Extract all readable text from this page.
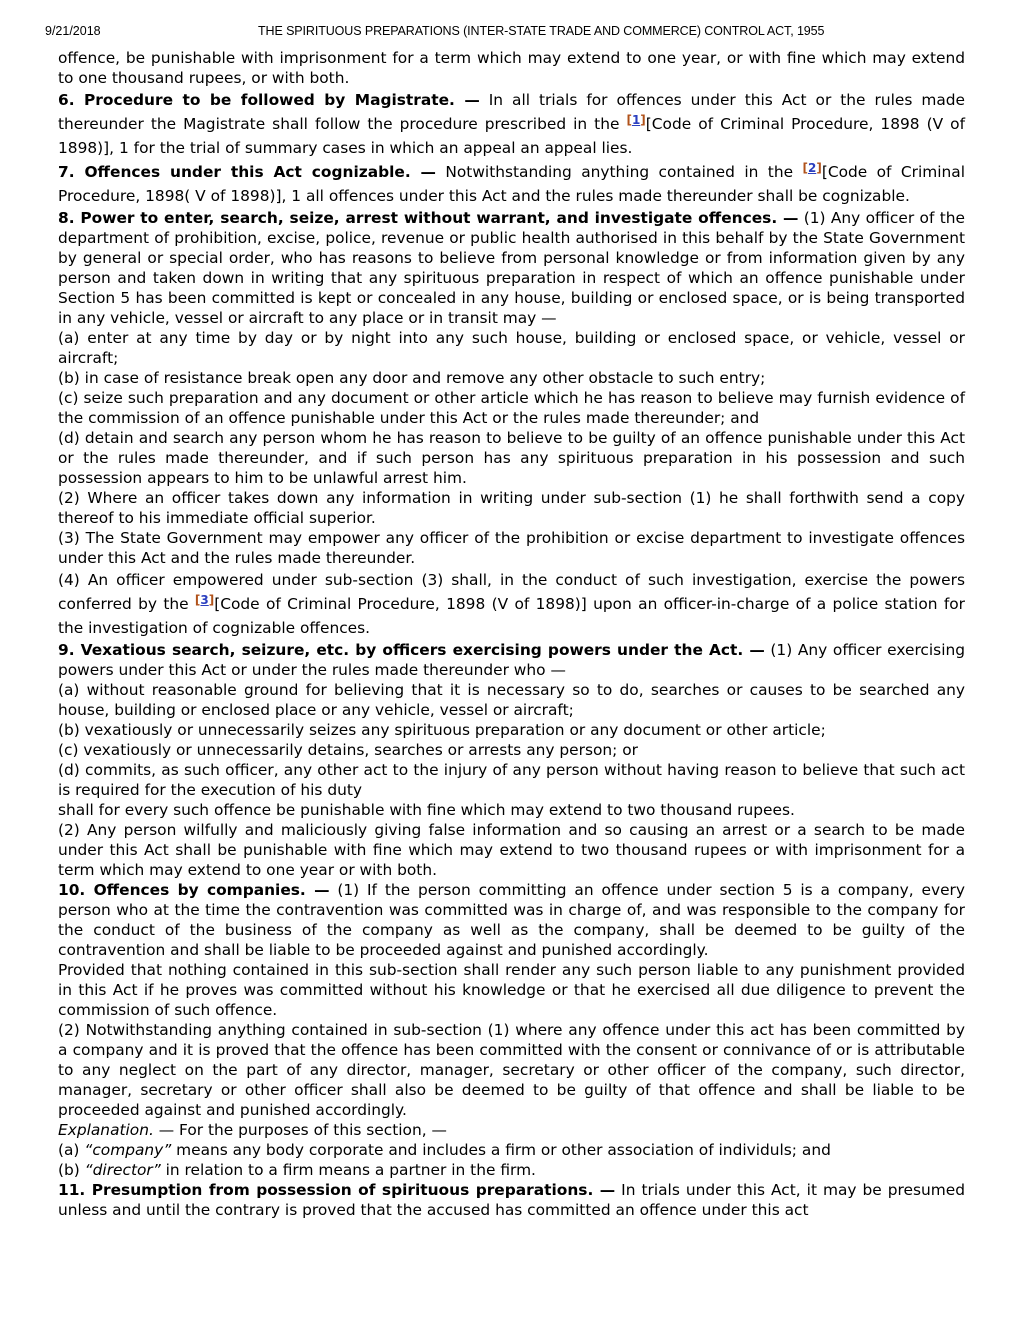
9/21/2018	THE SPIRITUOUS PREPARATIONS (INTER-STATE TRADE AND COMMERCE) CONTROL ACT, 1955

offence, be punishable with imprisonment for a term which may extend to one year, or with fine which may extend to one thousand rupees, or with both.

6. Procedure to be followed by Magistrate. — In all trials for offences under this Act or the rules made thereunder the Magistrate shall follow the procedure prescribed in the [1][Code of Criminal Procedure, 1898 (V of 1898)], 1 for the trial of summary cases in which an appeal an appeal lies.

7. Offences under this Act cognizable. — Notwithstanding anything contained in the [2][Code of Criminal Procedure, 1898( V of 1898)], 1 all offences under this Act and the rules made thereunder shall be cognizable.

8. Power to enter, search, seize, arrest without warrant, and investigate offences. — (1) Any officer of the department of prohibition, excise, police, revenue or public health authorised in this behalf by the State Government by general or special order, who has reasons to believe from personal knowledge or from information given by any person and taken down in writing that any spirituous preparation in respect of which an offence punishable under Section 5 has been committed is kept or concealed in any house, building or enclosed space, or is being transported in any vehicle, vessel or aircraft to any place or in transit may —

(a) enter at any time by day or by night into any such house, building or enclosed space, or vehicle, vessel or aircraft;

(b) in case of resistance break open any door and remove any other obstacle to such entry;

(c) seize such preparation and any document or other article which he has reason to believe may furnish evidence of the commission of an offence punishable under this Act or the rules made thereunder; and

(d) detain and search any person whom he has reason to believe to be guilty of an offence punishable under this Act or the rules made thereunder, and if such person has any spirituous preparation in his possession and such possession appears to him to be unlawful arrest him.

(2) Where an officer takes down any information in writing under sub-section (1) he shall forthwith send a copy thereof to his immediate official superior.

(3) The State Government may empower any officer of the prohibition or excise department to investigate offences under this Act and the rules made thereunder.

(4) An officer empowered under sub-section (3) shall, in the conduct of such investigation, exercise the powers conferred by the [3][Code of Criminal Procedure, 1898 (V of 1898)] upon an officer-in-charge of a police station for the investigation of cognizable offences.

9. Vexatious search, seizure, etc. by officers exercising powers under the Act. — (1) Any officer exercising powers under this Act or under the rules made thereunder who —

(a) without reasonable ground for believing that it is necessary so to do, searches or causes to be searched any house, building or enclosed place or any vehicle, vessel or aircraft;

(b) vexatiously or unnecessarily seizes any spirituous preparation or any document or other article;

(c) vexatiously or unnecessarily detains, searches or arrests any person; or

(d) commits, as such officer, any other act to the injury of any person without having reason to believe that such act is required for the execution of his duty

shall for every such offence be punishable with fine which may extend to two thousand rupees.

(2) Any person wilfully and maliciously giving false information and so causing an arrest or a search to be made under this Act shall be punishable with fine which may extend to two thousand rupees or with imprisonment for a term which may extend to one year or with both.

10. Offences by companies. — (1) If the person committing an offence under section 5 is a company, every person who at the time the contravention was committed was in charge of, and was responsible to the company for the conduct of the business of the company as well as the company, shall be deemed to be guilty of the contravention and shall be liable to be proceeded against and punished accordingly.

Provided that nothing contained in this sub-section shall render any such person liable to any punishment provided in this Act if he proves was committed without his knowledge or that he exercised all due diligence to prevent the commission of such offence.

(2) Notwithstanding anything contained in sub-section (1) where any offence under this act has been committed by a company and it is proved that the offence has been committed with the consent or connivance of or is attributable to any neglect on the part of any director, manager, secretary or other officer of the company, such director, manager, secretary or other officer shall also be deemed to be guilty of that offence and shall be liable to be proceeded against and punished accordingly.

Explanation. — For the purposes of this section, —

(a) “company” means any body corporate and includes a firm or other association of individuls; and

(b) “director” in relation to a firm means a partner in the firm.

11. Presumption from possession of spirituous preparations. — In trials under this Act, it may be presumed unless and until the contrary is proved that the accused has committed an offence under this act
